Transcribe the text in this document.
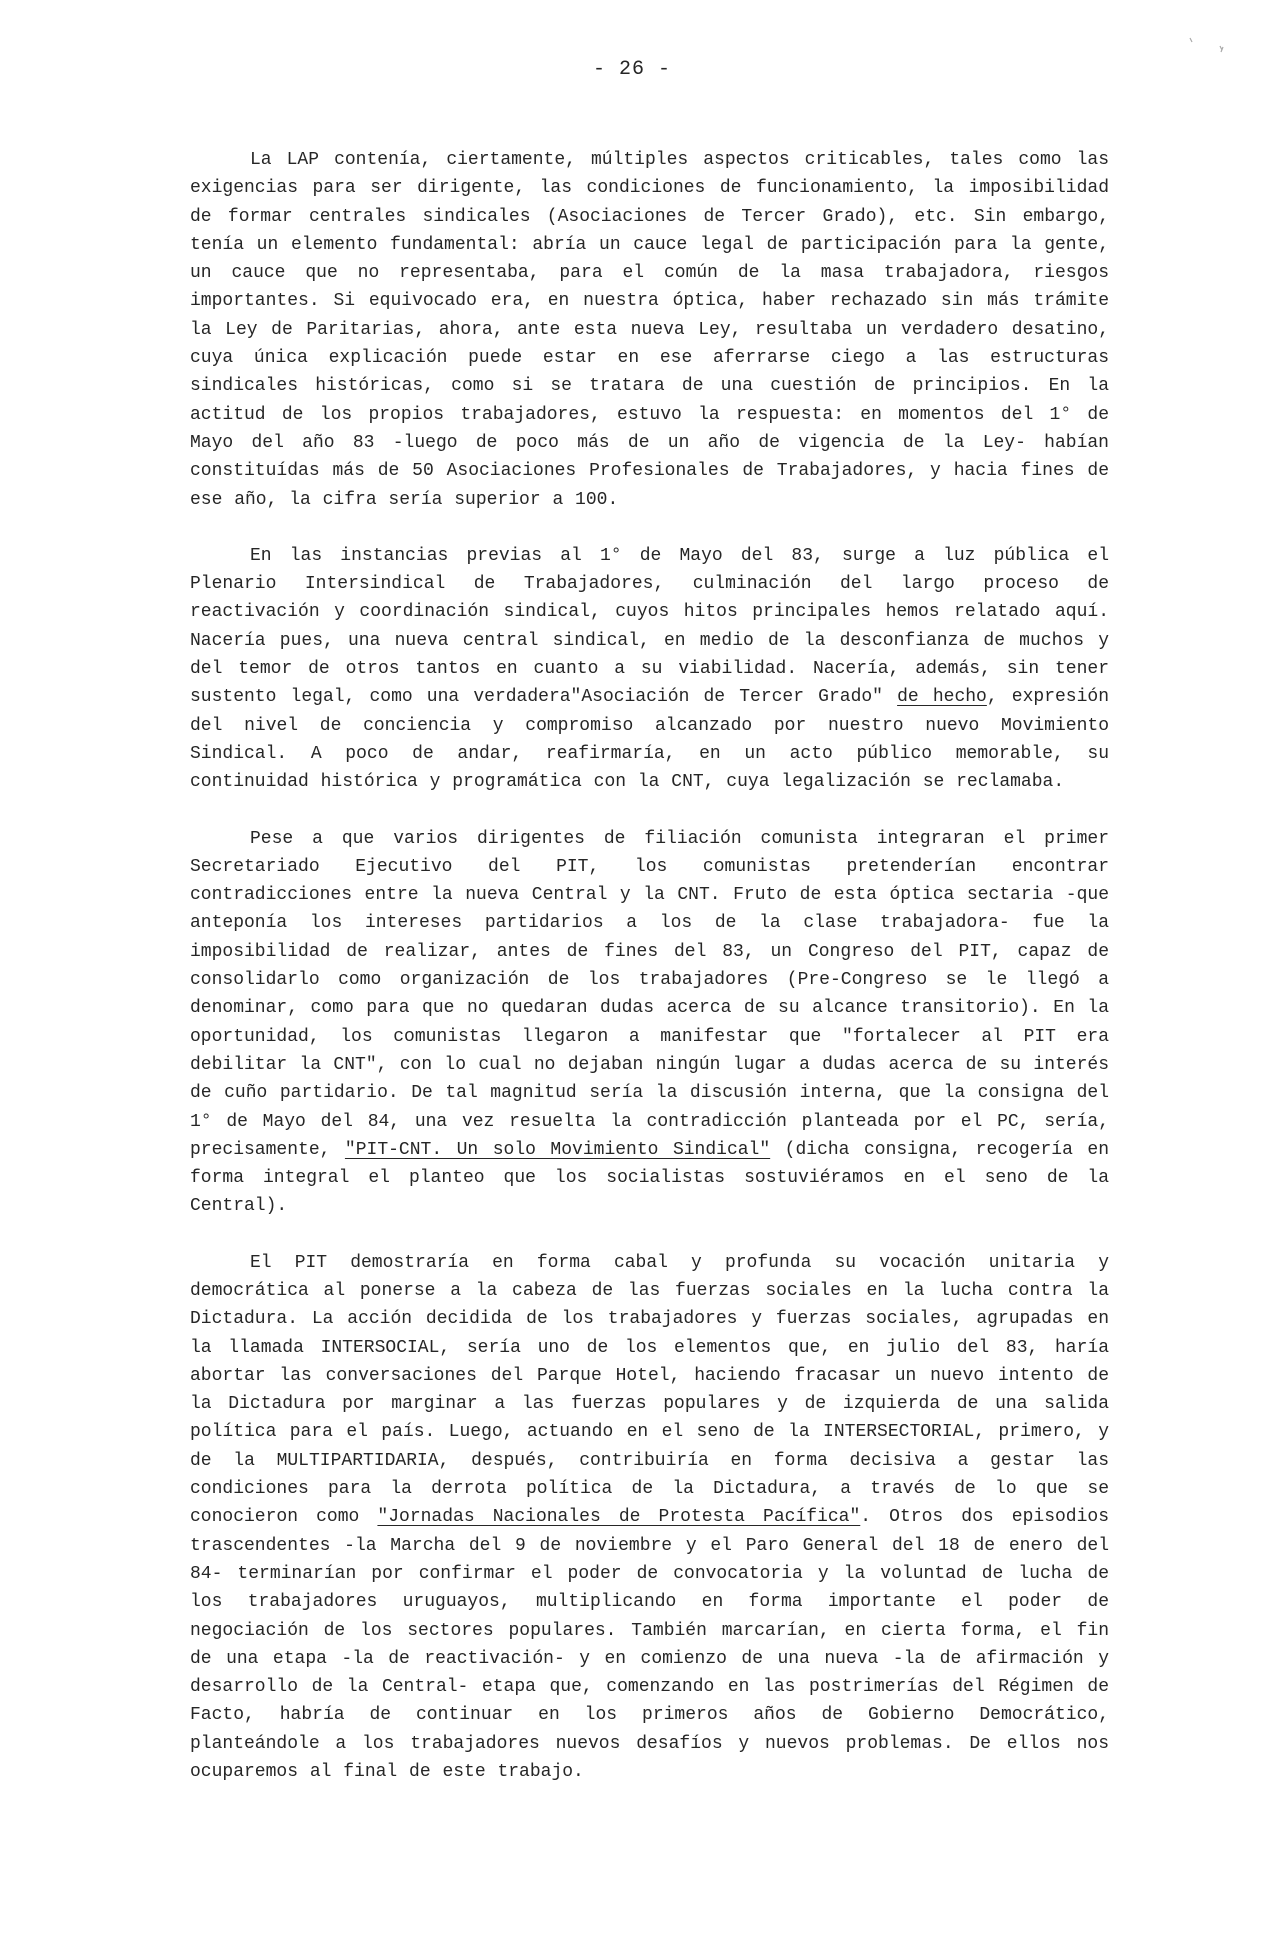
- 26 -

La LAP contenía, ciertamente, múltiples aspectos criticables, tales como las exigencias para ser dirigente, las condiciones de funcionamiento, la imposibilidad de formar centrales sindicales (Asociaciones de Tercer Grado), etc. Sin embargo, tenía un elemento fundamental: abría un cauce legal de participación para la gente, un cauce que no representaba, para el común de la masa trabajadora, riesgos importantes. Si equivocado era, en nuestra óptica, haber rechazado sin más trámite la Ley de Paritarias, ahora, ante esta nueva Ley, resultaba un verdadero desatino, cuya única explicación puede estar en ese aferrarse ciego a las estructuras sindicales históricas, como si se tratara de una cuestión de principios. En la actitud de los propios trabajadores, estuvo la respuesta: en momentos del 1° de Mayo del año 83 -luego de poco más de un año de vigencia de la Ley- habían constituídas más de 50 Asociaciones Profesionales de Trabajadores, y hacia fines de ese año, la cifra sería superior a 100.

En las instancias previas al 1° de Mayo del 83, surge a luz pública el Plenario Intersindical de Trabajadores, culminación del largo proceso de reactivación y coordinación sindical, cuyos hitos principales hemos relatado aquí. Nacería pues, una nueva central sindical, en medio de la desconfianza de muchos y del temor de otros tantos en cuanto a su viabilidad. Nacería, además, sin tener sustento legal, como una verdadera"Asociación de Tercer Grado" de hecho, expresión del nivel de conciencia y compromiso alcanzado por nuestro nuevo Movimiento Sindical. A poco de andar, reafirmaría, en un acto público memorable, su continuidad histórica y programática con la CNT, cuya legalización se reclamaba.

Pese a que varios dirigentes de filiación comunista integraran el primer Secretariado Ejecutivo del PIT, los comunistas pretenderían encontrar contradicciones entre la nueva Central y la CNT. Fruto de esta óptica sectaria -que anteponía los intereses partidarios a los de la clase trabajadora- fue la imposibilidad de realizar, antes de fines del 83, un Congreso del PIT, capaz de consolidarlo como organización de los trabajadores (Pre-Congreso se le llegó a denominar, como para que no quedaran dudas acerca de su alcance transitorio). En la oportunidad, los comunistas llegaron a manifestar que "fortalecer al PIT era debilitar la CNT", con lo cual no dejaban ningún lugar a dudas acerca de su interés de cuño partidario. De tal magnitud sería la discusión interna, que la consigna del 1° de Mayo del 84, una vez resuelta la contradicción planteada por el PC, sería, precisamente, "PIT-CNT. Un solo Movimiento Sindical" (dicha consigna, recogería en forma integral el planteo que los socialistas sostuviéramos en el seno de la Central).

El PIT demostraría en forma cabal y profunda su vocación unitaria y democrática al ponerse a la cabeza de las fuerzas sociales en la lucha contra la Dictadura. La acción decidida de los trabajadores y fuerzas sociales, agrupadas en la llamada INTERSOCIAL, sería uno de los elementos que, en julio del 83, haría abortar las conversaciones del Parque Hotel, haciendo fracasar un nuevo intento de la Dictadura por marginar a las fuerzas populares y de izquierda de una salida política para el país. Luego, actuando en el seno de la INTERSECTORIAL, primero, y de la MULTIPARTIDARIA, después, contribuiría en forma decisiva a gestar las condiciones para la derrota política de la Dictadura, a través de lo que se conocieron como "Jornadas Nacionales de Protesta Pacífica". Otros dos episodios trascendentes -la Marcha del 9 de noviembre y el Paro General del 18 de enero del 84- terminarían por confirmar el poder de convocatoria y la voluntad de lucha de los trabajadores uruguayos, multiplicando en forma importante el poder de negociación de los sectores populares. También marcarían, en cierta forma, el fin de una etapa -la de reactivación- y en comienzo de una nueva -la de afirmación y desarrollo de la Central- etapa que, comenzando en las postrimerías del Régimen de Facto, habría de continuar en los primeros años de Gobierno Democrático, planteándole a los trabajadores nuevos desafíos y nuevos problemas. De ellos nos ocuparemos al final de este trabajo.
